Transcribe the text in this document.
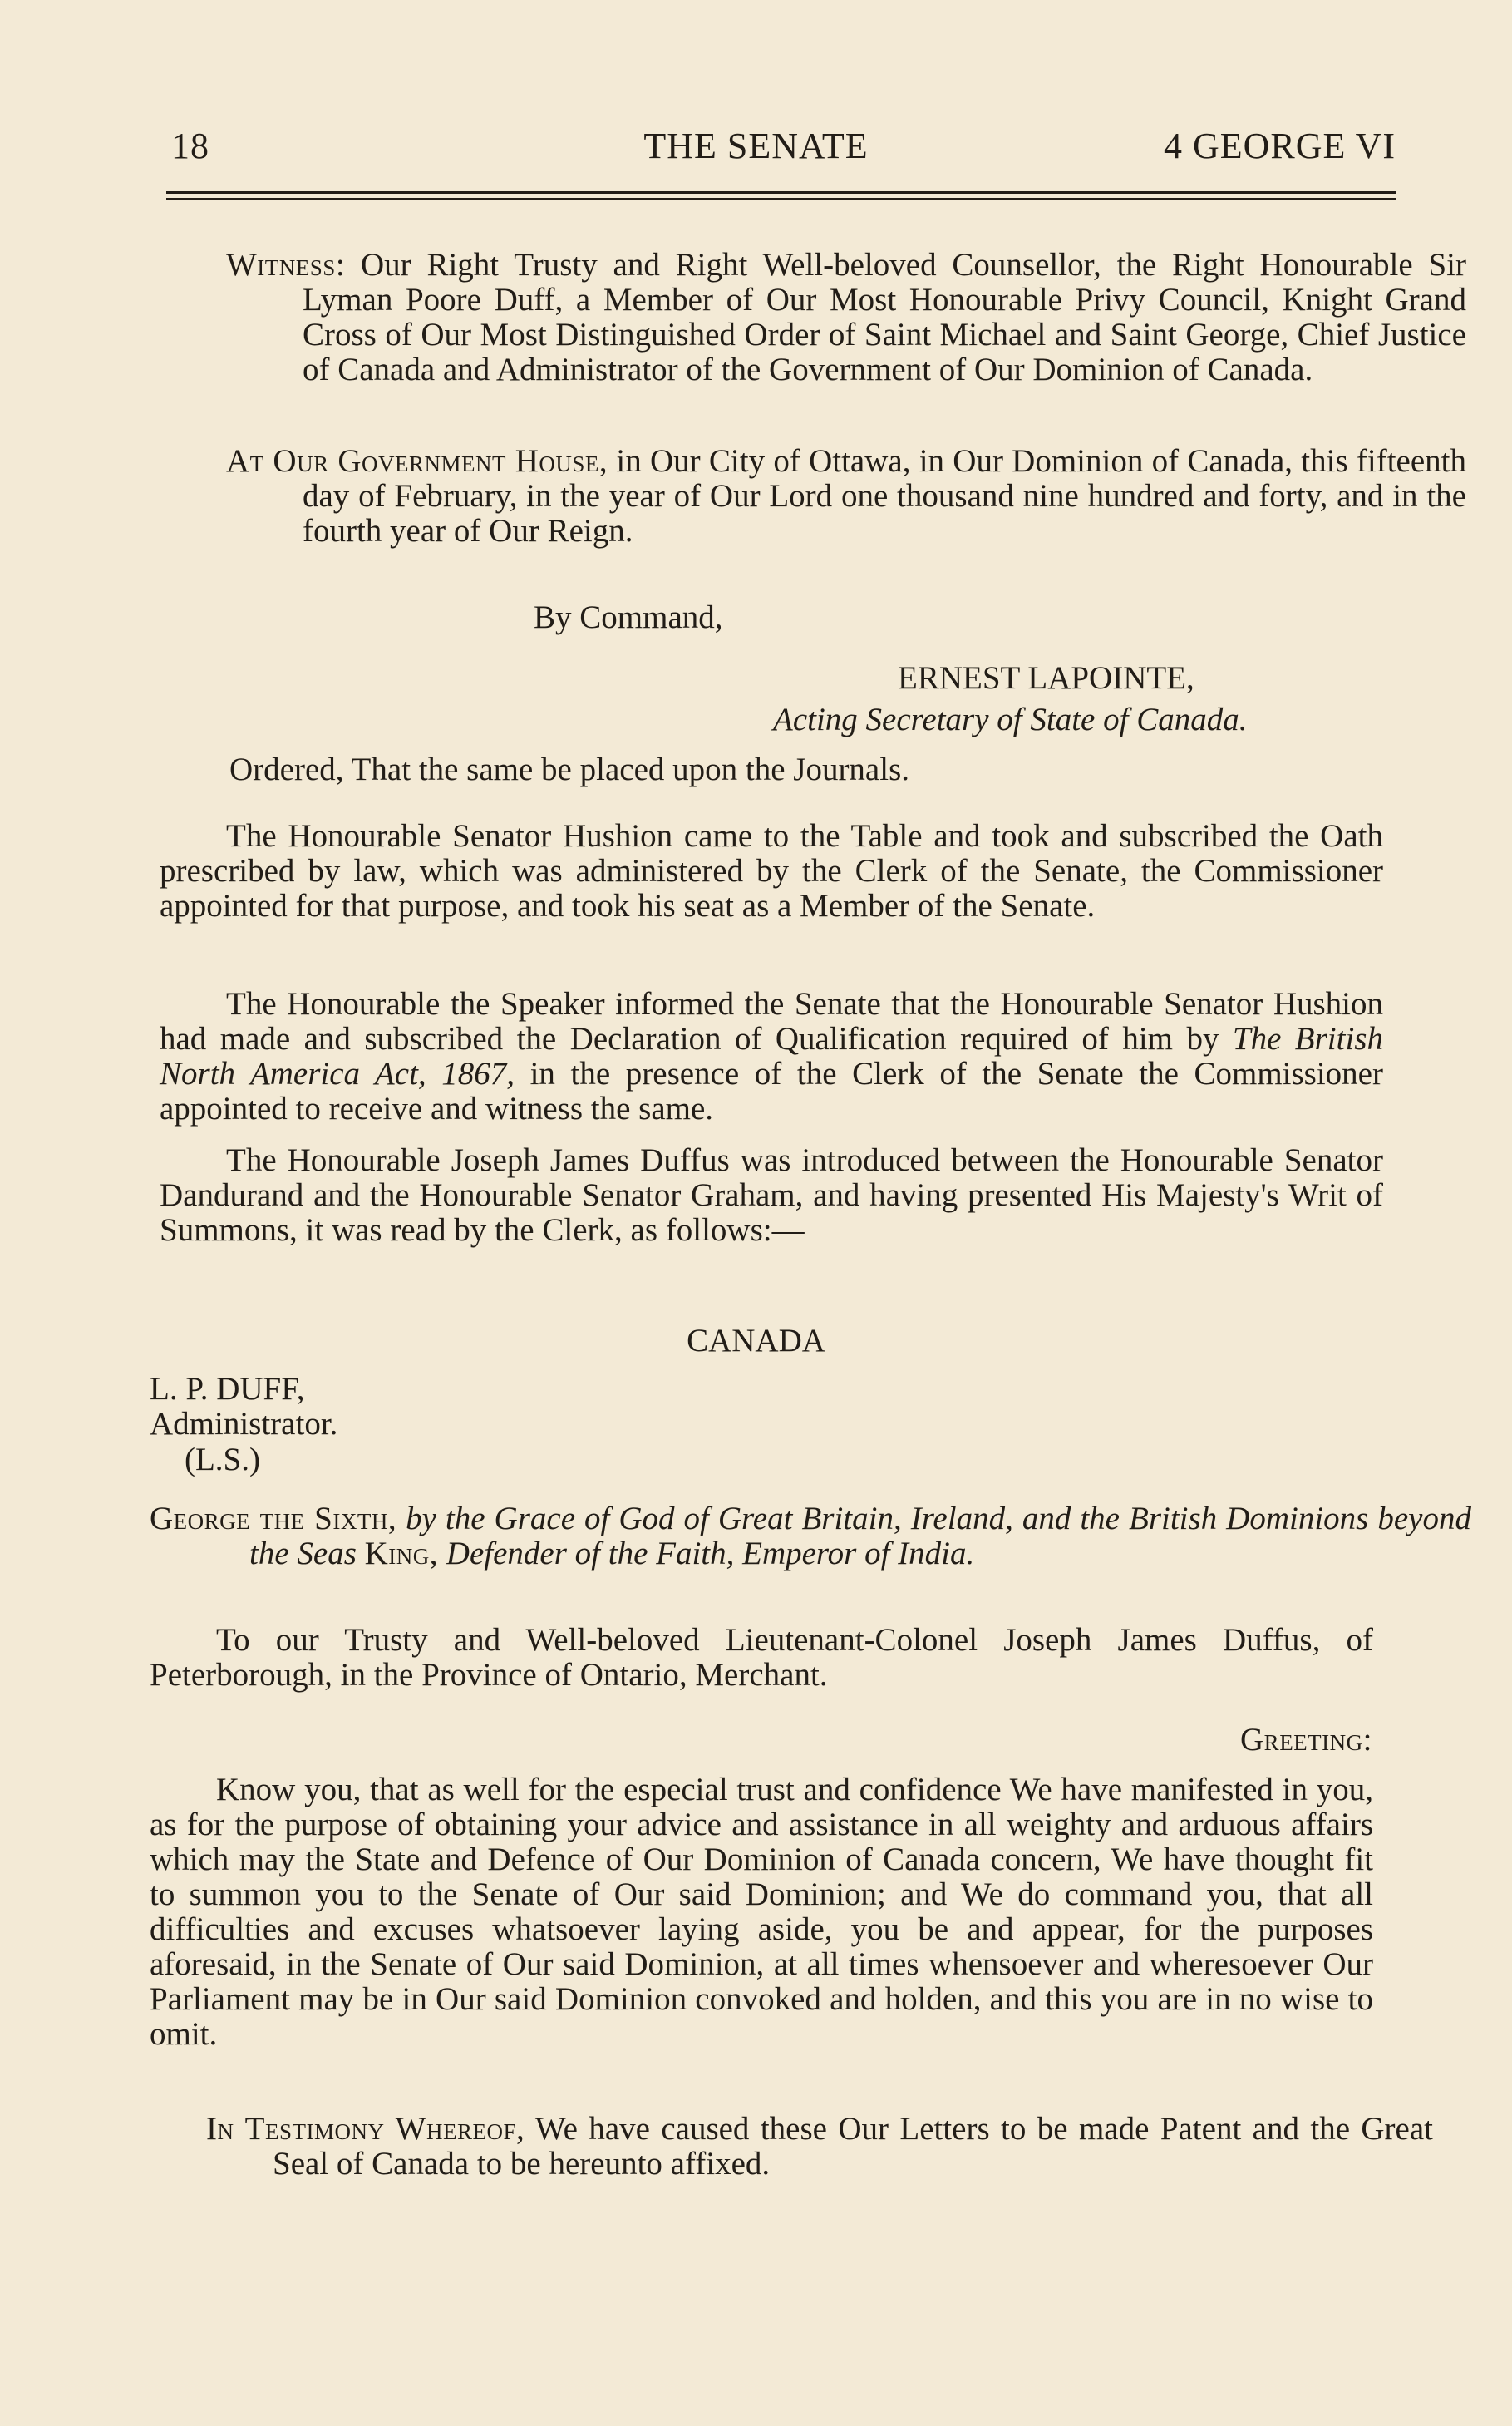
THE SENATE
18	4 GEORGE VI

Witness: Our Right Trusty and Right Well-beloved Counsellor, the Right Honourable Sir Lyman Poore Duff, a Member of Our Most Honourable Privy Council, Knight Grand Cross of Our Most Distinguished Order of Saint Michael and Saint George, Chief Justice of Canada and Administrator of the Government of Our Dominion of Canada.

At Our Government House, in Our City of Ottawa, in Our Dominion of Canada, this fifteenth day of February, in the year of Our Lord one thousand nine hundred and forty, and in the fourth year of Our Reign.

By Command,
ERNEST LAPOINTE,
Acting Secretary of State of Canada.
Ordered, That the same be placed upon the Journals.

The Honourable Senator Hushion came to the Table and took and subscribed the Oath prescribed by law, which was administered by the Clerk of the Senate, the Commissioner appointed for that purpose, and took his seat as a Member of the Senate.

The Honourable the Speaker informed the Senate that the Honourable Senator Hushion had made and subscribed the Declaration of Qualification required of him by The British North America Act, 1867, in the presence of the Clerk of the Senate the Commissioner appointed to receive and witness the same.

The Honourable Joseph James Duffus was introduced between the Honourable Senator Dandurand and the Honourable Senator Graham, and having presented His Majesty's Writ of Summons, it was read by the Clerk, as follows:—

CANADA
L. P. DUFF,
Administrator.
(L.S.)

George the Sixth, by the Grace of God of Great Britain, Ireland, and the British Dominions beyond the Seas King, Defender of the Faith, Emperor of India.

To our Trusty and Well-beloved Lieutenant-Colonel Joseph James Duffus, of Peterborough, in the Province of Ontario, Merchant.

Greeting:

Know you, that as well for the especial trust and confidence We have manifested in you, as for the purpose of obtaining your advice and assistance in all weighty and arduous affairs which may the State and Defence of Our Dominion of Canada concern, We have thought fit to summon you to the Senate of Our said Dominion; and We do command you, that all difficulties and excuses whatsoever laying aside, you be and appear, for the purposes aforesaid, in the Senate of Our said Dominion, at all times whensoever and wheresoever Our Parliament may be in Our said Dominion convoked and holden, and this you are in no wise to omit.

In Testimony Whereof, We have caused these Our Letters to be made Patent and the Great Seal of Canada to be hereunto affixed.
